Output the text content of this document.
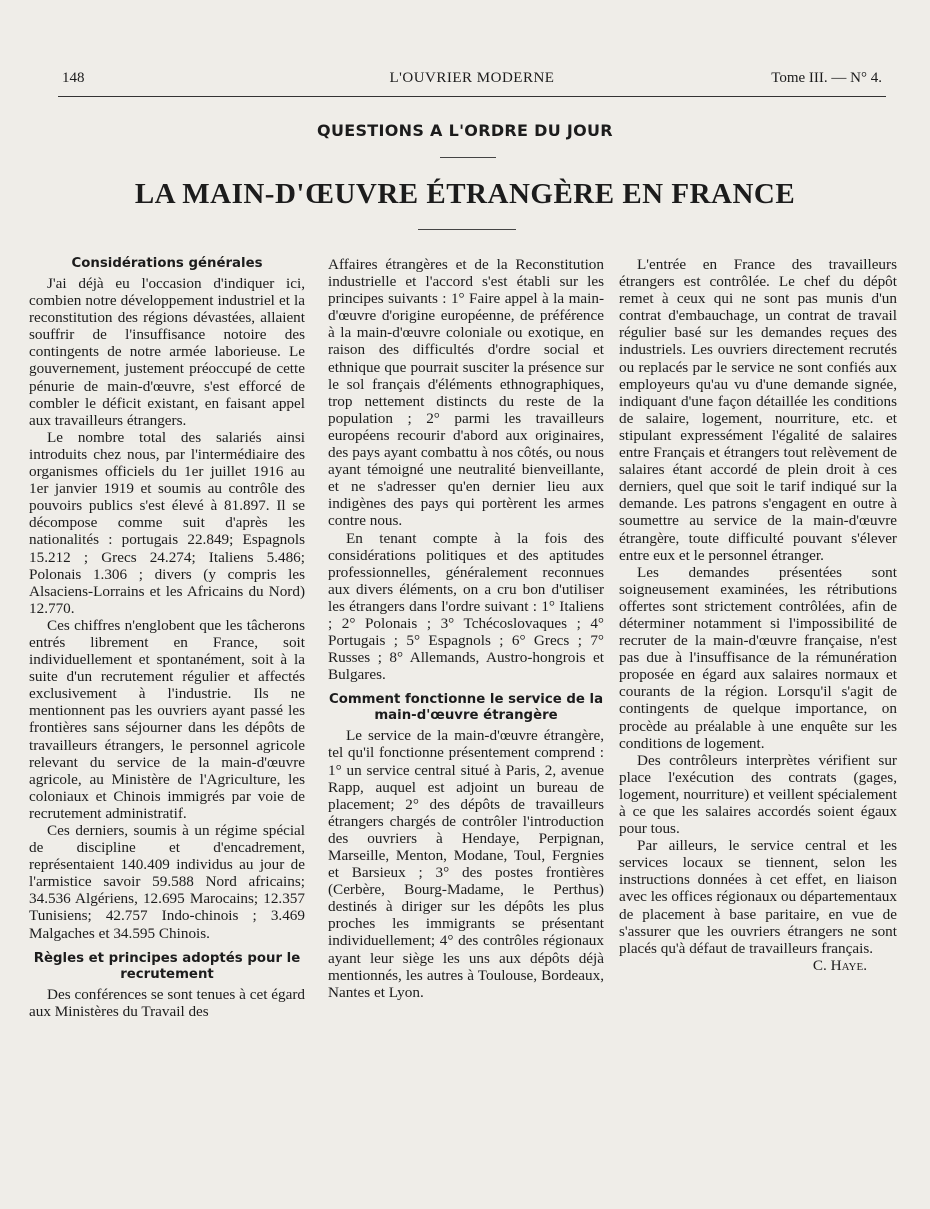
148	L'OUVRIER MODERNE	Tome III. — N° 4.
QUESTIONS A L'ORDRE DU JOUR
LA MAIN-D'ŒUVRE ÉTRANGÈRE EN FRANCE
Considérations générales

J'ai déjà eu l'occasion d'indiquer ici, combien notre développement industriel et la reconstitution des régions dévastées, allaient souffrir de l'insuffisance notoire des contingents de notre armée laborieuse. Le gouvernement, justement préoccupé de cette pénurie de main-d'œuvre, s'est efforcé de combler le déficit existant, en faisant appel aux travailleurs étrangers.

Le nombre total des salariés ainsi introduits chez nous, par l'intermédiaire des organismes officiels du 1er juillet 1916 au 1er janvier 1919 et soumis au contrôle des pouvoirs publics s'est élevé à 81.897. Il se décompose comme suit d'après les nationalités : portugais 22.849; Espagnols 15.212 ; Grecs 24.274; Italiens 5.486; Polonais 1.306 ; divers (y compris les Alsaciens-Lorrains et les Africains du Nord) 12.770.

Ces chiffres n'englobent que les tâcherons entrés librement en France, soit individuellement et spontanément, soit à la suite d'un recrutement régulier et affectés exclusivement à l'industrie. Ils ne mentionnent pas les ouvriers ayant passé les frontières sans séjourner dans les dépôts de travailleurs étrangers, le personnel agricole relevant du service de la main-d'œuvre agricole, au Ministère de l'Agriculture, les coloniaux et Chinois immigrés par voie de recrutement administratif.

Ces derniers, soumis à un régime spécial de discipline et d'encadrement, représentaient 140.409 individus au jour de l'armistice savoir 59.588 Nord africains; 34.536 Algériens, 12.695 Marocains; 12.357 Tunisiens; 42.757 Indo-chinois ; 3.469 Malgaches et 34.595 Chinois.

Règles et principes adoptés pour le recrutement

Des conférences se sont tenues à cet égard aux Ministères du Travail des

Affaires étrangères et de la Reconstitution industrielle et l'accord s'est établi sur les principes suivants : 1° Faire appel à la main-d'œuvre d'origine européenne, de préférence à la main-d'œuvre coloniale ou exotique, en raison des difficultés d'ordre social et ethnique que pourrait susciter la présence sur le sol français d'éléments ethnographiques, trop nettement distincts du reste de la population ; 2° parmi les travailleurs européens recourir d'abord aux originaires, des pays ayant combattu à nos côtés, ou nous ayant témoigné une neutralité bienveillante, et ne s'adresser qu'en dernier lieu aux indigènes des pays qui portèrent les armes contre nous.

En tenant compte à la fois des considérations politiques et des aptitudes professionnelles, généralement reconnues aux divers éléments, on a cru bon d'utiliser les étrangers dans l'ordre suivant : 1° Italiens ; 2° Polonais ; 3° Tchécoslovaques ; 4° Portugais ; 5° Espagnols ; 6° Grecs ; 7° Russes ; 8° Allemands, Austro-hongrois et Bulgares.

Comment fonctionne le service de la main-d'œuvre étrangère

Le service de la main-d'œuvre étrangère, tel qu'il fonctionne présentement comprend : 1° un service central situé à Paris, 2, avenue Rapp, auquel est adjoint un bureau de placement; 2° des dépôts de travailleurs étrangers chargés de contrôler l'introduction des ouvriers à Hendaye, Perpignan, Marseille, Menton, Modane, Toul, Fergnies et Barsieux ; 3° des postes frontières (Cerbère, Bourg-Madame, le Perthus) destinés à diriger sur les dépôts les plus proches les immigrants se présentant individuellement; 4° des contrôles régionaux ayant leur siège les uns aux dépôts déjà mentionnés, les autres à Toulouse, Bordeaux, Nantes et Lyon.

L'entrée en France des travailleurs étrangers est contrôlée. Le chef du dépôt remet à ceux qui ne sont pas munis d'un contrat d'embauchage, un contrat de travail régulier basé sur les demandes reçues des industriels. Les ouvriers directement recrutés ou replacés par le service ne sont confiés aux employeurs qu'au vu d'une demande signée, indiquant d'une façon détaillée les conditions de salaire, logement, nourriture, etc. et stipulant expressément l'égalité de salaires entre Français et étrangers tout relèvement de salaires étant accordé de plein droit à ces derniers, quel que soit le tarif indiqué sur la demande. Les patrons s'engagent en outre à soumettre au service de la main-d'œuvre étrangère, toute difficulté pouvant s'élever entre eux et le personnel étranger.

Les demandes présentées sont soigneusement examinées, les rétributions offertes sont strictement contrôlées, afin de déterminer notamment si l'impossibilité de recruter de la main-d'œuvre française, n'est pas due à l'insuffisance de la rémunération proposée en égard aux salaires normaux et courants de la région. Lorsqu'il s'agit de contingents de quelque importance, on procède au préalable à une enquête sur les conditions de logement.

Des contrôleurs interprètes vérifient sur place l'exécution des contrats (gages, logement, nourriture) et veillent spécialement à ce que les salaires accordés soient égaux pour tous.

Par ailleurs, le service central et les services locaux se tiennent, selon les instructions données à cet effet, en liaison avec les offices régionaux ou départementaux de placement à base paritaire, en vue de s'assurer que les ouvriers étrangers ne sont placés qu'à défaut de travailleurs français.

C. Haye.
